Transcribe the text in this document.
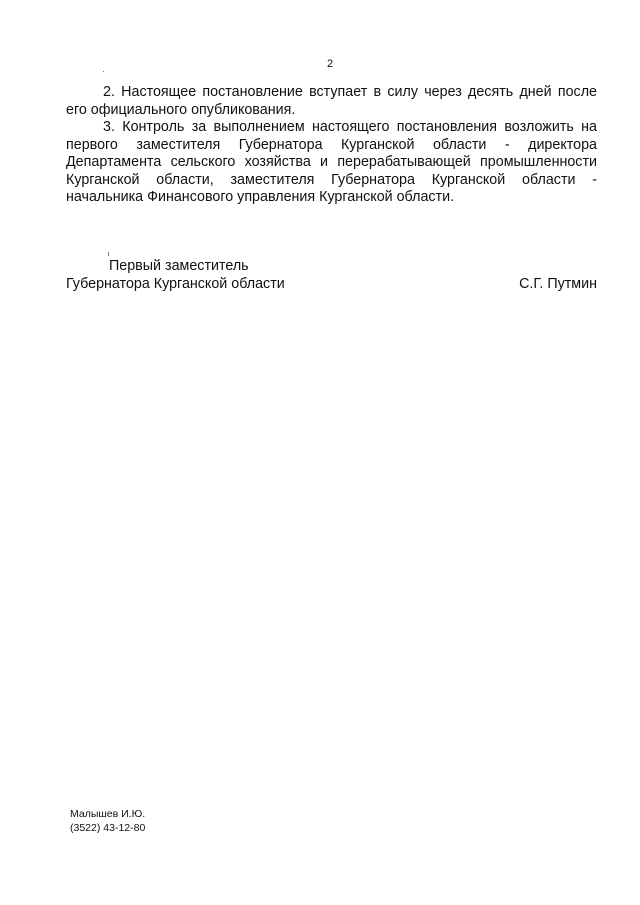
2

2. Настоящее постановление вступает в силу через десять дней после его официального опубликования.

3. Контроль за выполнением настоящего постановления возложить на первого заместителя Губернатора Курганской области - директора Департамента сельского хозяйства и перерабатывающей промышленности Курганской области, заместителя Губернатора Курганской области - начальника Финансового управления Курганской области.

Первый заместитель
Губернатора Курганской области	С.Г. Путмин
Малышев И.Ю.
(3522) 43-12-80
